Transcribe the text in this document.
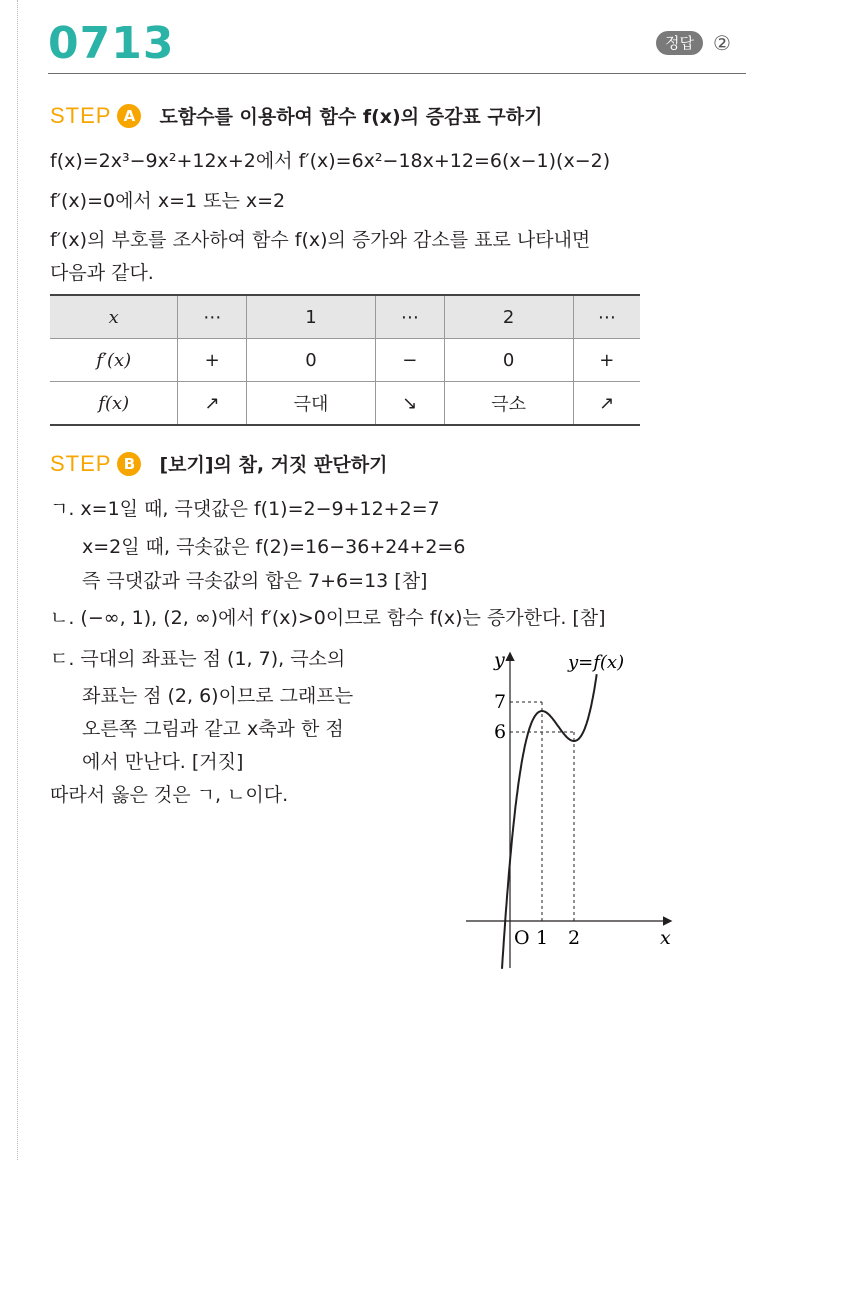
0713	정답 ②
STEP A	도함수를 이용하여 함수 f(x)의 증감표 구하기
f(x)=2x³−9x²+12x+2에서 f′(x)=6x²−18x+12=6(x−1)(x−2)
f′(x)=0에서 x=1 또는 x=2
f′(x)의 부호를 조사하여 함수 f(x)의 증가와 감소를 표로 나타내면
다음과 같다.
x	⋯	1	⋯	2	⋯
f′(x)	+	0	−	0	+
f(x)	↗	극대	↘	극소	↗
STEP B	[보기]의 참, 거짓 판단하기
ㄱ. x=1일 때, 극댓값은 f(1)=2−9+12+2=7
x=2일 때, 극솟값은 f(2)=16−36+24+2=6
즉 극댓값과 극솟값의 합은 7+6=13 [참]
ㄴ. (−∞, 1), (2, ∞)에서 f′(x)>0이므로 함수 f(x)는 증가한다. [참]
ㄷ. 극대의 좌표는 점 (1, 7), 극소의
좌표는 점 (2, 6)이므로 그래프는
오른쪽 그림과 같고 x축과 한 점
에서 만난다. [거짓]
따라서 옳은 것은 ㄱ, ㄴ이다.
y
x
y=f(x)
7
6
O 1 2
